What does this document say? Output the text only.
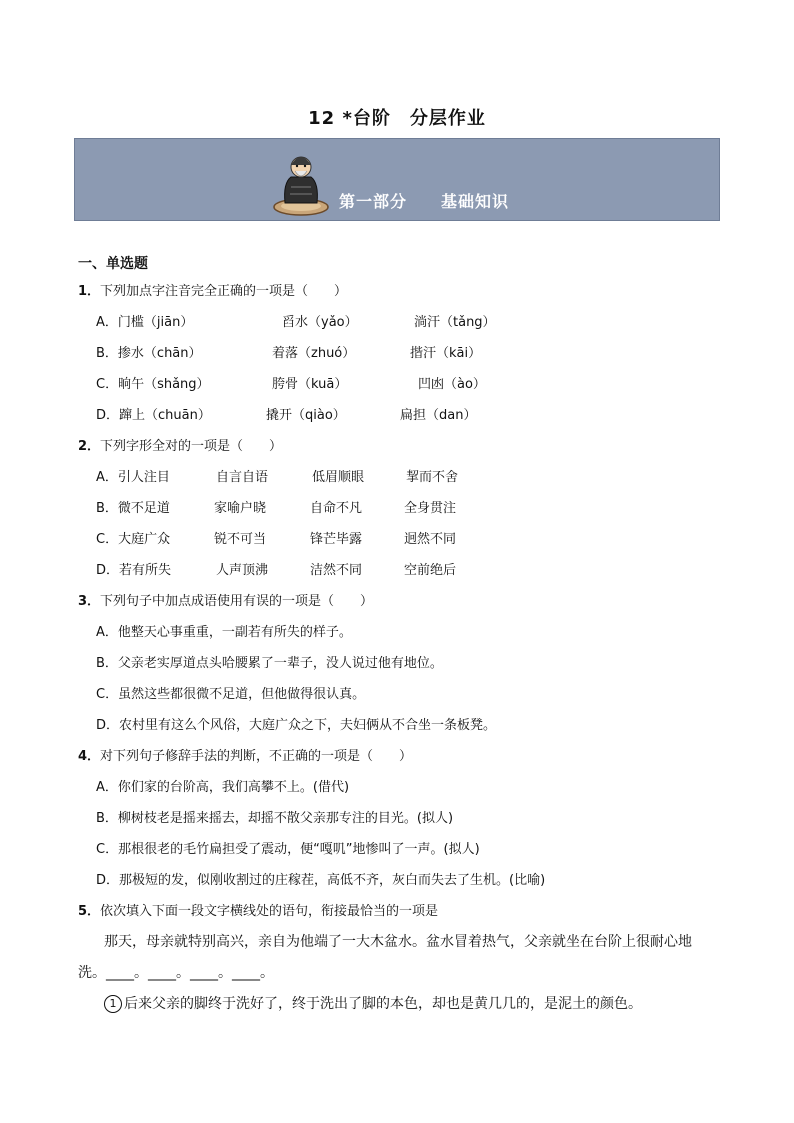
12 *台阶　分层作业
第一部分　　基础知识
一、单选题
1．下列加点字注音完全正确的一项是（　　）
A．门槛（jiān）	舀水（yǎo）	淌汗（tǎng）
B．掺水（chān）	着落（zhuó）	揩汗（kāi）
C．晌午（shǎng）	胯骨（kuā）	凹凼（ào）
D．蹿上（chuān）	撬开（qiào）	扁担（dan）
2．下列字形全对的一项是（　　）
A．引人注目	自言自语	低眉顺眼	挈而不舍
B．微不足道	家喻户晓	自命不凡	全身贯注
C．大庭广众	锐不可当	锋芒毕露	迥然不同
D．若有所失	人声顶沸	洁然不同	空前绝后
3．下列句子中加点成语使用有误的一项是（　　）
A．他整天心事重重，一副若有所失的样子。
B．父亲老实厚道点头哈腰累了一辈子，没人说过他有地位。
C．虽然这些都很微不足道，但他做得很认真。
D．农村里有这么个风俗，大庭广众之下，夫妇俩从不合坐一条板凳。
4．对下列句子修辞手法的判断，不正确的一项是（　　）
A．你们家的台阶高，我们高攀不上。(借代)
B．柳树枝老是摇来摇去，却摇不散父亲那专注的目光。(拟人)
C．那根很老的毛竹扁担受了震动，便“嘎叽”地惨叫了一声。(拟人)
D．那极短的发，似刚收割过的庄稼茬，高低不齐，灰白而失去了生机。(比喻)
5．依次填入下面一段文字横线处的语句，衔接最恰当的一项是
那天，母亲就特别高兴，亲自为他端了一大木盆水。盆水冒着热气，父亲就坐在台阶上很耐心地洗。____。____。____。____。
1 后来父亲的脚终于洗好了，终于洗出了脚的本色，却也是黄几几的，是泥土的颜色。
